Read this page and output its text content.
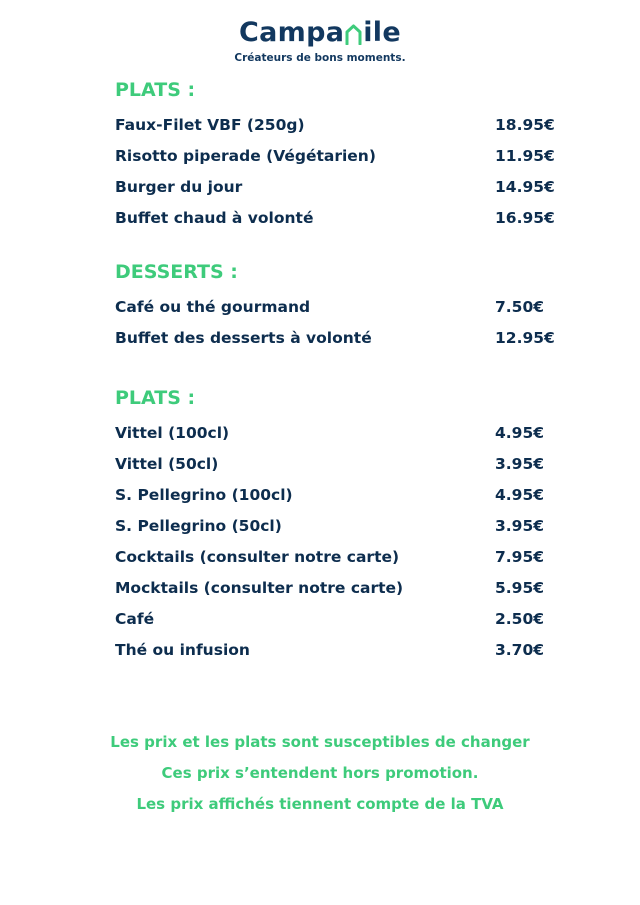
Campa ile
Créateurs de bons moments.
PLATS :
Faux-Filet VBF (250g)	18.95€
Risotto piperade (Végétarien)	11.95€
Burger du jour	14.95€
Buffet chaud à volonté	16.95€
DESSERTS :
Café ou thé gourmand	7.50€
Buffet des desserts à volonté	12.95€
PLATS :
Vittel (100cl)	4.95€
Vittel (50cl)	3.95€
S. Pellegrino (100cl)	4.95€
S. Pellegrino (50cl)	3.95€
Cocktails (consulter notre carte)	7.95€
Mocktails (consulter notre carte)	5.95€
Café	2.50€
Thé ou infusion	3.70€
Les prix et les plats sont susceptibles de changer
Ces prix s’entendent hors promotion.
Les prix affichés tiennent compte de la TVA
